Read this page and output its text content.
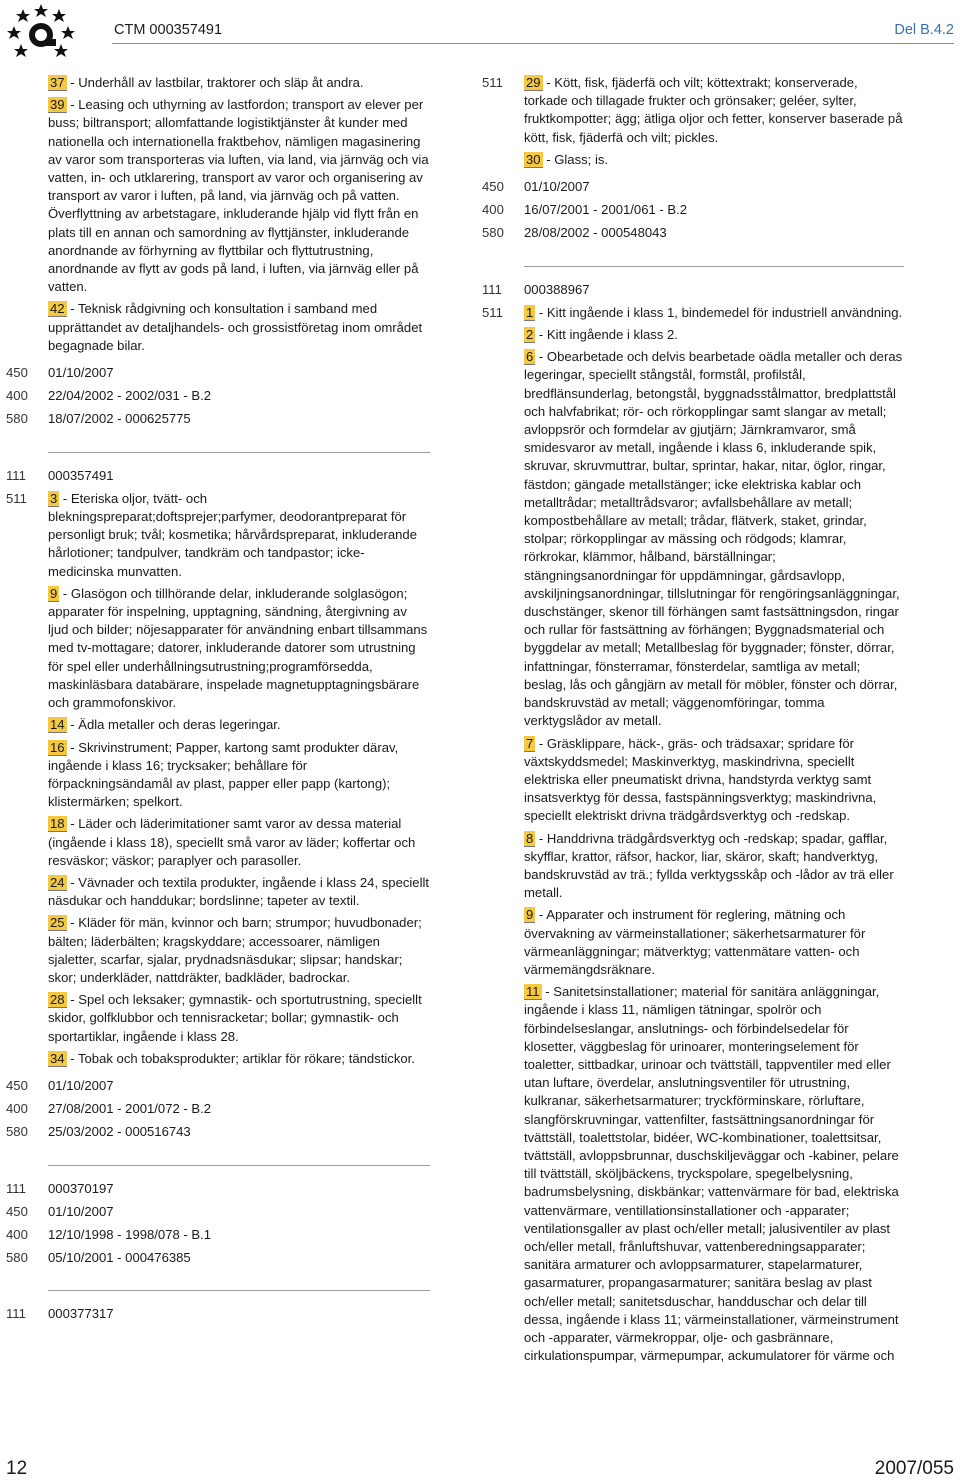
CTM 000357491	Del B.4.2

37 - Underhåll av lastbilar, traktorer och släp åt andra.

39 - Leasing och uthyrning av lastfordon; transport av elever per buss; biltransport; allomfattande logistiktjänster åt kunder med nationella och internationella fraktbehov, nämligen magasinering av varor som transporteras via luften, via land, via järnväg och via vatten, in- och utklarering, transport av varor och organisering av transport av varor i luften, på land, via järnväg och på vatten. Överflyttning av arbetstagare, inkluderande hjälp vid flytt från en plats till en annan och samordning av flyttjänster, inkluderande anordnande av förhyrning av flyttbilar och flyttutrustning, anordnande av flytt av gods på land, i luften, via järnväg eller på vatten.

42 - Teknisk rådgivning och konsultation i samband med upprättandet av detaljhandels- och grossistföretag inom området begagnade bilar.

450	01/10/2007
400	22/04/2002 - 2002/031 - B.2
580	18/07/2002 - 000625775
111	000357491
511	3 - Eteriska oljor, tvätt- och blekningspreparat;doftsprejer;parfymer, deodorantpreparat för personligt bruk; tvål; kosmetika; hårvårdspreparat, inkluderande hårlotioner; tandpulver, tandkräm och tandpastor; icke-medicinska munvatten.

9 - Glasögon och tillhörande delar, inkluderande solglasögon; apparater för inspelning, upptagning, sändning, återgivning av ljud och bilder; nöjesapparater för användning enbart tillsammans med tv-mottagare; datorer, inkluderande datorer som utrustning för spel eller underhållningsutrustning;programförsedda, maskinläsbara databärare, inspelade magnetupptagningsbärare och grammofonskivor.

14 - Ädla metaller och deras legeringar.

16 - Skrivinstrument; Papper, kartong samt produkter därav, ingående i klass 16; trycksaker; behållare för förpackningsändamål av plast, papper eller papp (kartong); klistermärken; spelkort.

18 - Läder och läderimitationer samt varor av dessa material (ingående i klass 18), speciellt små varor av läder; koffertar och resväskor; väskor; paraplyer och parasoller.

24 - Vävnader och textila produkter, ingående i klass 24, speciellt näsdukar och handdukar; bordslinne; tapeter av textil.

25 - Kläder för män, kvinnor och barn; strumpor; huvudbonader; bälten; läderbälten; kragskyddare; accessoarer, nämligen sjaletter, scarfar, sjalar, prydnadsnäsdukar; slipsar; handskar; skor; underkläder, nattdräkter, badkläder, badrockar.

28 - Spel och leksaker; gymnastik- och sportutrustning, speciellt skidor, golfklubbor och tennisracketar; bollar; gymnastik- och sportartiklar, ingående i klass 28.

34 - Tobak och tobaksprodukter; artiklar för rökare; tändstickor.

450	01/10/2007
400	27/08/2001 - 2001/072 - B.2
580	25/03/2002 - 000516743
111	000370197
450	01/10/2007
400	12/10/1998 - 1998/078 - B.1
580	05/10/2001 - 000476385
111	000377317
511	29 - Kött, fisk, fjäderfä och vilt; köttextrakt; konserverade, torkade och tillagade frukter och grönsaker; geléer, sylter, fruktkompotter; ägg; ätliga oljor och fetter, konserver baserade på kött, fisk, fjäderfä och vilt; pickles.

30 - Glass; is.

450	01/10/2007
400	16/07/2001 - 2001/061 - B.2
580	28/08/2002 - 000548043
111	000388967
511	1 - Kitt ingående i klass 1, bindemedel för industriell användning.

2 - Kitt ingående i klass 2.

6 - Obearbetade och delvis bearbetade oädla metaller och deras legeringar, speciellt stångstål, formstål, profilstål, bredflänsunderlag, betongstål, byggnadsstålmattor, bredplattstål och halvfabrikat; rör- och rörkopplingar samt slangar av metall; avloppsrör och formdelar av gjutjärn; Järnkramvaror, små smidesvaror av metall, ingående i klass 6, inkluderande spik, skruvar, skruvmuttrar, bultar, sprintar, hakar, nitar, öglor, ringar, fästdon; gängade metallstänger; icke elektriska kablar och metalltrådar; metalltrådsvaror; avfallsbehållare av metall; kompostbehållare av metall; trådar, flätverk, staket, grindar, stolpar; rörkopplingar av mässing och rödgods; klamrar, rörkrokar, klämmor, hålband, bärställningar; stängningsanordningar för uppdämningar, gårdsavlopp, avskiljningsanordningar, tillslutningar för rengöringsanläggningar, duschstänger, skenor till förhängen samt fastsättningsdon, ringar och rullar för fastsättning av förhängen; Byggnadsmaterial och byggdelar av metall; Metallbeslag för byggnader; fönster, dörrar, infattningar, fönsterramar, fönsterdelar, samtliga av metall; beslag, lås och gångjärn av metall för möbler, fönster och dörrar, bandskruvstäd av metall; väggenomföringar, tomma verktygslådor av metall.

7 - Gräsklippare, häck-, gräs- och trädsaxar; spridare för växtskyddsmedel; Maskinverktyg, maskindrivna, speciellt elektriska eller pneumatiskt drivna, handstyrda verktyg samt insatsverktyg för dessa, fastspänningsverktyg; maskindrivna, speciellt elektriskt drivna trädgårdsverktyg och -redskap.

8 - Handdrivna trädgårdsverktyg och -redskap; spadar, gafflar, skyfflar, krattor, räfsor, hackor, liar, skäror, skaft; handverktyg, bandskruvstäd av trä.; fyllda verktygsskåp och -lådor av trä eller metall.

9 - Apparater och instrument för reglering, mätning och övervakning av värmeinstallationer; säkerhetsarmaturer för värmeanläggningar; mätverktyg; vattenmätare vatten- och värmemängdsräknare.

11 - Sanitetsinstallationer; material för sanitära anläggningar, ingående i klass 11, nämligen tätningar, spolrör och förbindelseslangar, anslutnings- och förbindelsedelar för klosetter, väggbeslag för urinoarer, monteringselement för toaletter, sittbadkar, urinoar och tvättställ, tappventiler med eller utan luftare, överdelar, anslutningsventiler för utrustning, kulkranar, säkerhetsarmaturer; tryckförminskare, rörluftare, slangförskruvningar, vattenfilter, fastsättningsanordningar för tvättställ, toalettstolar, bidéer, WC-kombinationer, toalettsitsar, tvättställ, avloppsbrunnar, duschskiljeväggar och -kabiner, pelare till tvättställ, sköljbäckens, tryckspolare, spegelbelysning, badrumsbelysning, diskbänkar; vattenvärmare för bad, elektriska vattenvärmare, ventillationsinstallationer och -apparater; ventilationsgaller av plast och/eller metall; jalusiventiler av plast och/eller metall, frånluftshuvar, vattenberedningsapparater; sanitära armaturer och avloppsarmaturer, stapelarmaturer, gasarmaturer, propangasarmaturer; sanitära beslag av plast och/eller metall; sanitetsduschar, handduschar och delar till dessa, ingående i klass 11; värmeinstallationer, värmeinstrument och -apparater, värmekroppar, olje- och gasbrännare, cirkulationspumpar, värmepumpar, ackumulatorer för värme och

12	2007/055
